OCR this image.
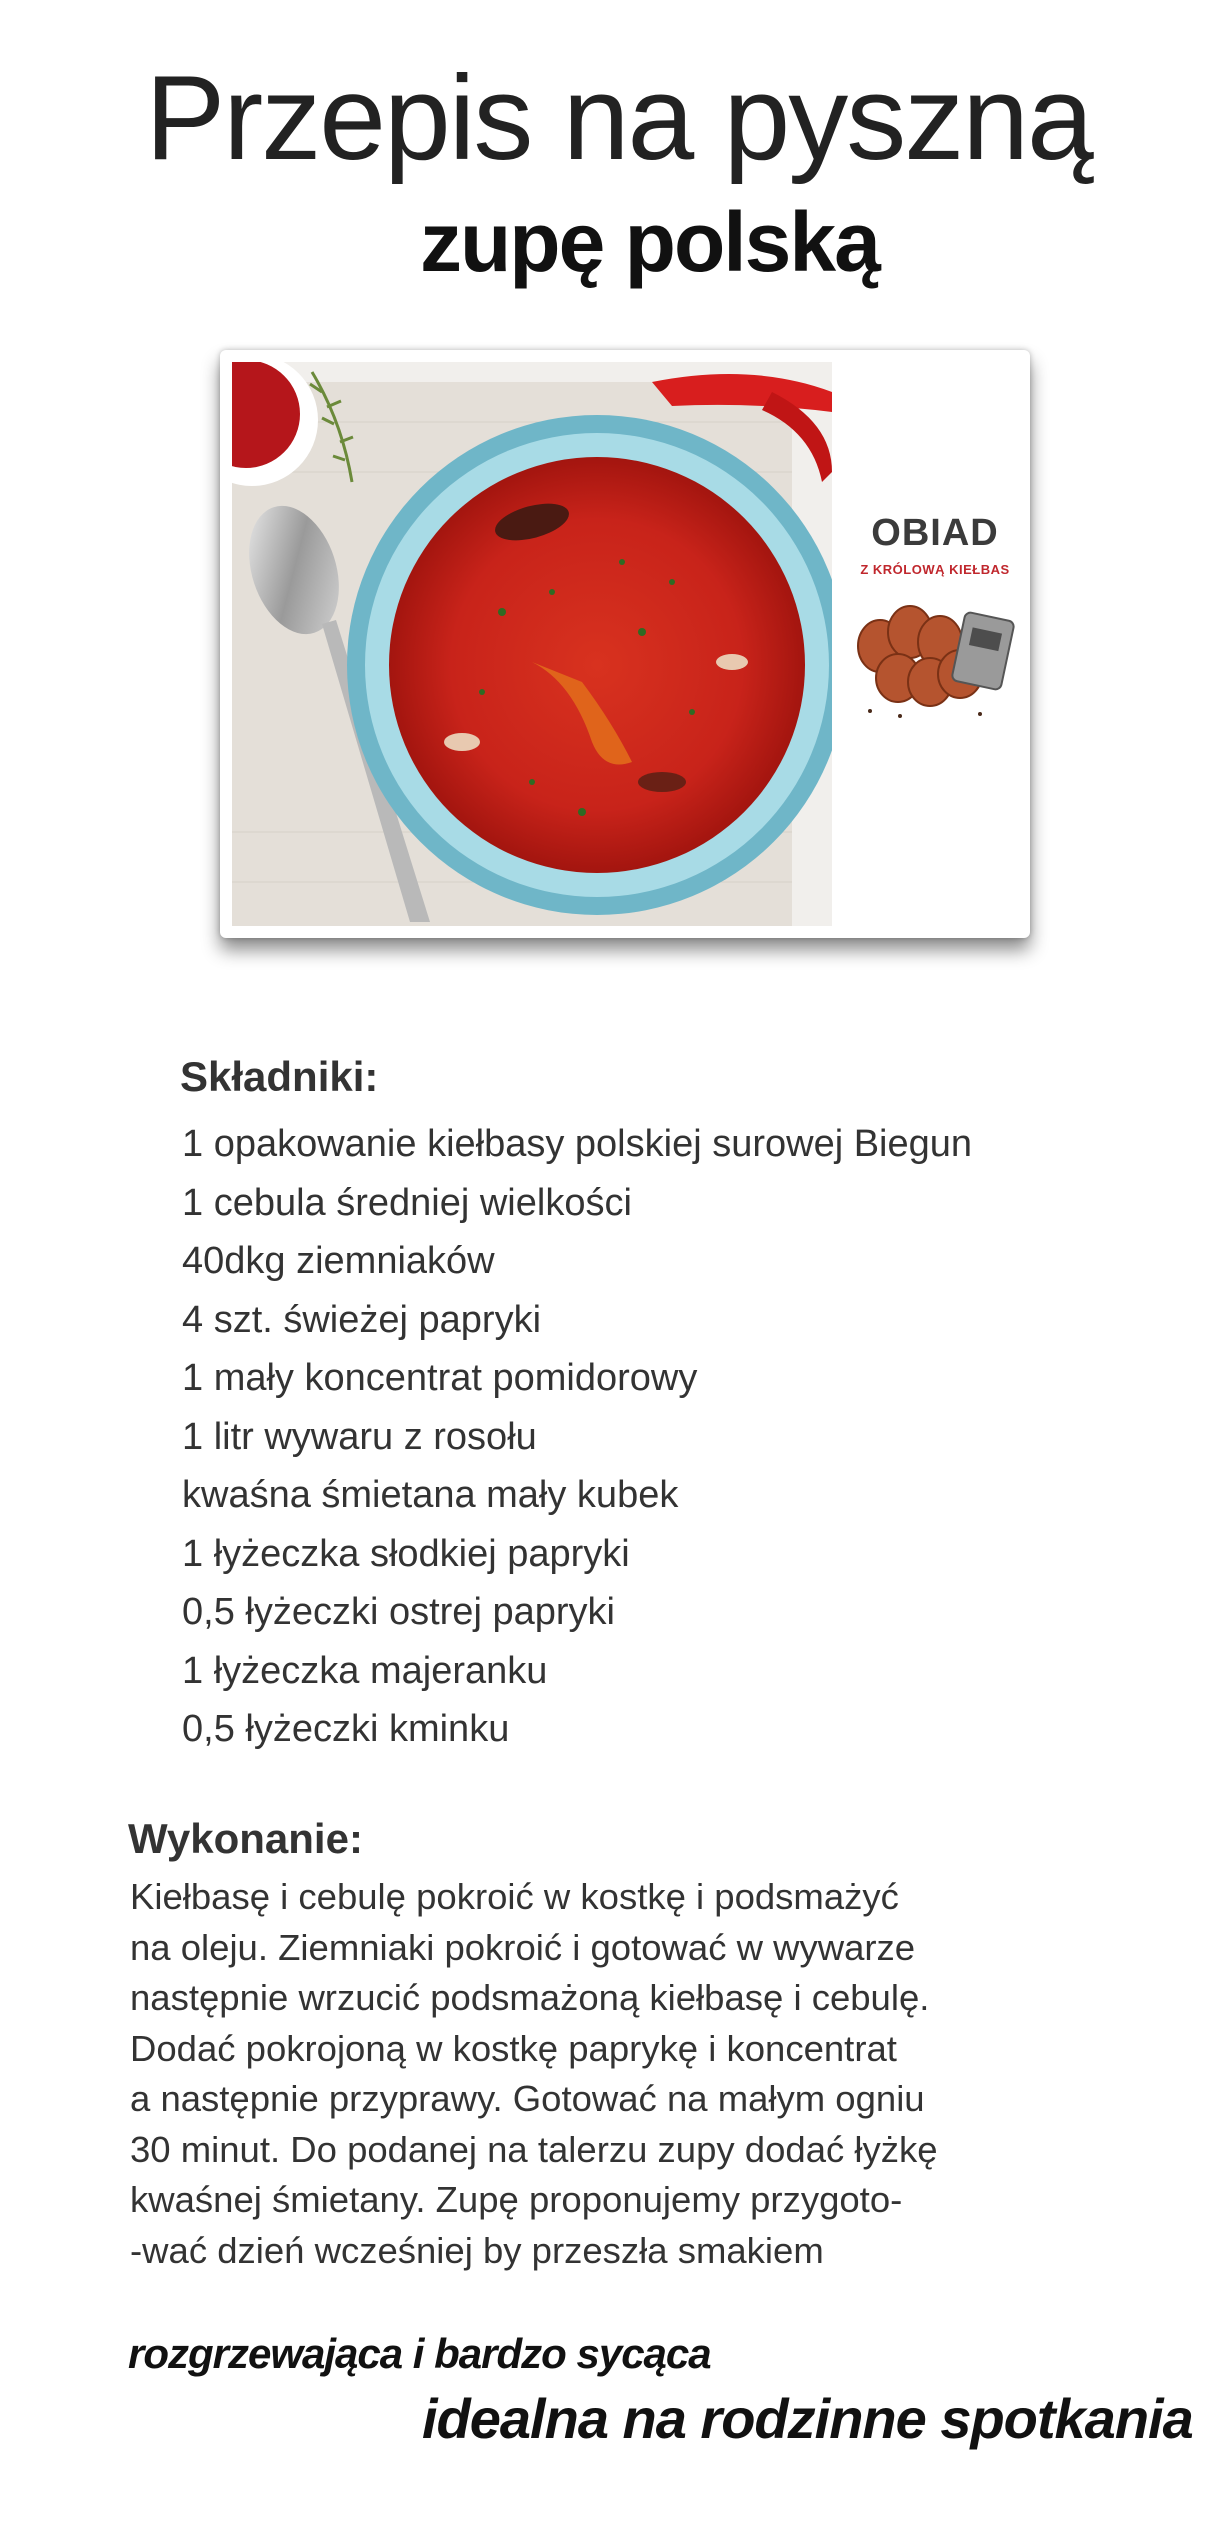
Przepis na pyszną
zupę polską
OBIAD
Z KRÓLOWĄ KIEŁBAS
Składniki:
1 opakowanie kiełbasy polskiej surowej Biegun
1 cebula średniej wielkości
40dkg ziemniaków
4 szt. świeżej papryki
1 mały koncentrat pomidorowy
1 litr wywaru z rosołu
kwaśna śmietana mały kubek
1 łyżeczka słodkiej papryki
0,5 łyżeczki ostrej papryki
1 łyżeczka majeranku
0,5 łyżeczki kminku
Wykonanie:

Kiełbasę i cebulę pokroić w kostkę i podsmażyć

na oleju. Ziemniaki pokroić i gotować w wywarze

następnie wrzucić podsmażoną kiełbasę i cebulę.

Dodać pokrojoną w kostkę paprykę i koncentrat

a następnie przyprawy. Gotować na małym ogniu

30 minut. Do podanej na talerzu zupy dodać łyżkę

kwaśnej śmietany. Zupę proponujemy przygoto-

-wać dzień wcześniej by przeszła smakiem

rozgrzewająca i bardzo sycąca
idealna na rodzinne spotkania
